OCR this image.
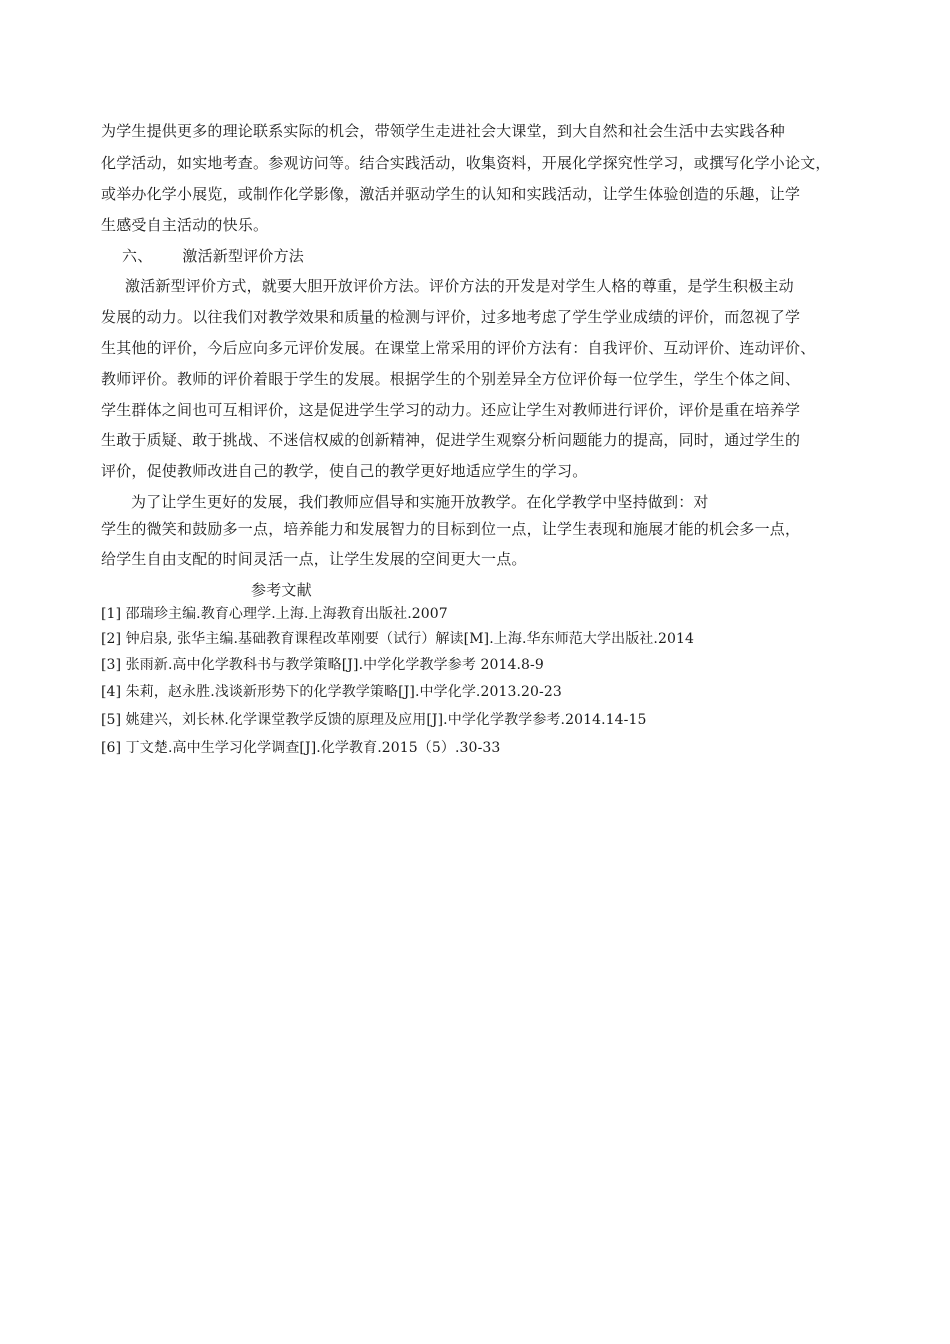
为学生提供更多的理论联系实际的机会，带领学生走进社会大课堂，到大自然和社会生活中去实践各种
化学活动，如实地考查。参观访问等。结合实践活动，收集资料，开展化学探究性学习，或撰写化学小论文，
或举办化学小展览，或制作化学影像，激活并驱动学生的认知和实践活动，让学生体验创造的乐趣，让学
生感受自主活动的快乐。
六、 激活新型评价方法
激活新型评价方式，就要大胆开放评价方法。评价方法的开发是对学生人格的尊重，是学生积极主动
发展的动力。以往我们对教学效果和质量的检测与评价，过多地考虑了学生学业成绩的评价，而忽视了学
生其他的评价，今后应向多元评价发展。在课堂上常采用的评价方法有：自我评价、互动评价、连动评价、
教师评价。教师的评价着眼于学生的发展。根据学生的个别差异全方位评价每一位学生，学生个体之间、
学生群体之间也可互相评价，这是促进学生学习的动力。还应让学生对教师进行评价，评价是重在培养学
生敢于质疑、敢于挑战、不迷信权威的创新精神，促进学生观察分析问题能力的提高，同时，通过学生的
评价，促使教师改进自己的教学，使自己的教学更好地适应学生的学习。
为了让学生更好的发展，我们教师应倡导和实施开放教学。在化学教学中坚持做到：对
学生的微笑和鼓励多一点，培养能力和发展智力的目标到位一点，让学生表现和施展才能的机会多一点，
给学生自由支配的时间灵活一点，让学生发展的空间更大一点。
参考文献
[1] 邵瑞珍主编.教育心理学.上海.上海教育出版社.2007
[2] 钟启泉, 张华主编.基础教育课程改革刚要（试行）解读[M].上海.华东师范大学出版社.2014
[3] 张雨新.高中化学教科书与教学策略[J].中学化学教学参考 2014.8-9
[4] 朱莉，赵永胜.浅谈新形势下的化学教学策略[J].中学化学.2013.20-23
[5] 姚建兴，刘长林.化学课堂教学反馈的原理及应用[J].中学化学教学参考.2014.14-15
[6] 丁文楚.高中生学习化学调查[J].化学教育.2015（5）.30-33
